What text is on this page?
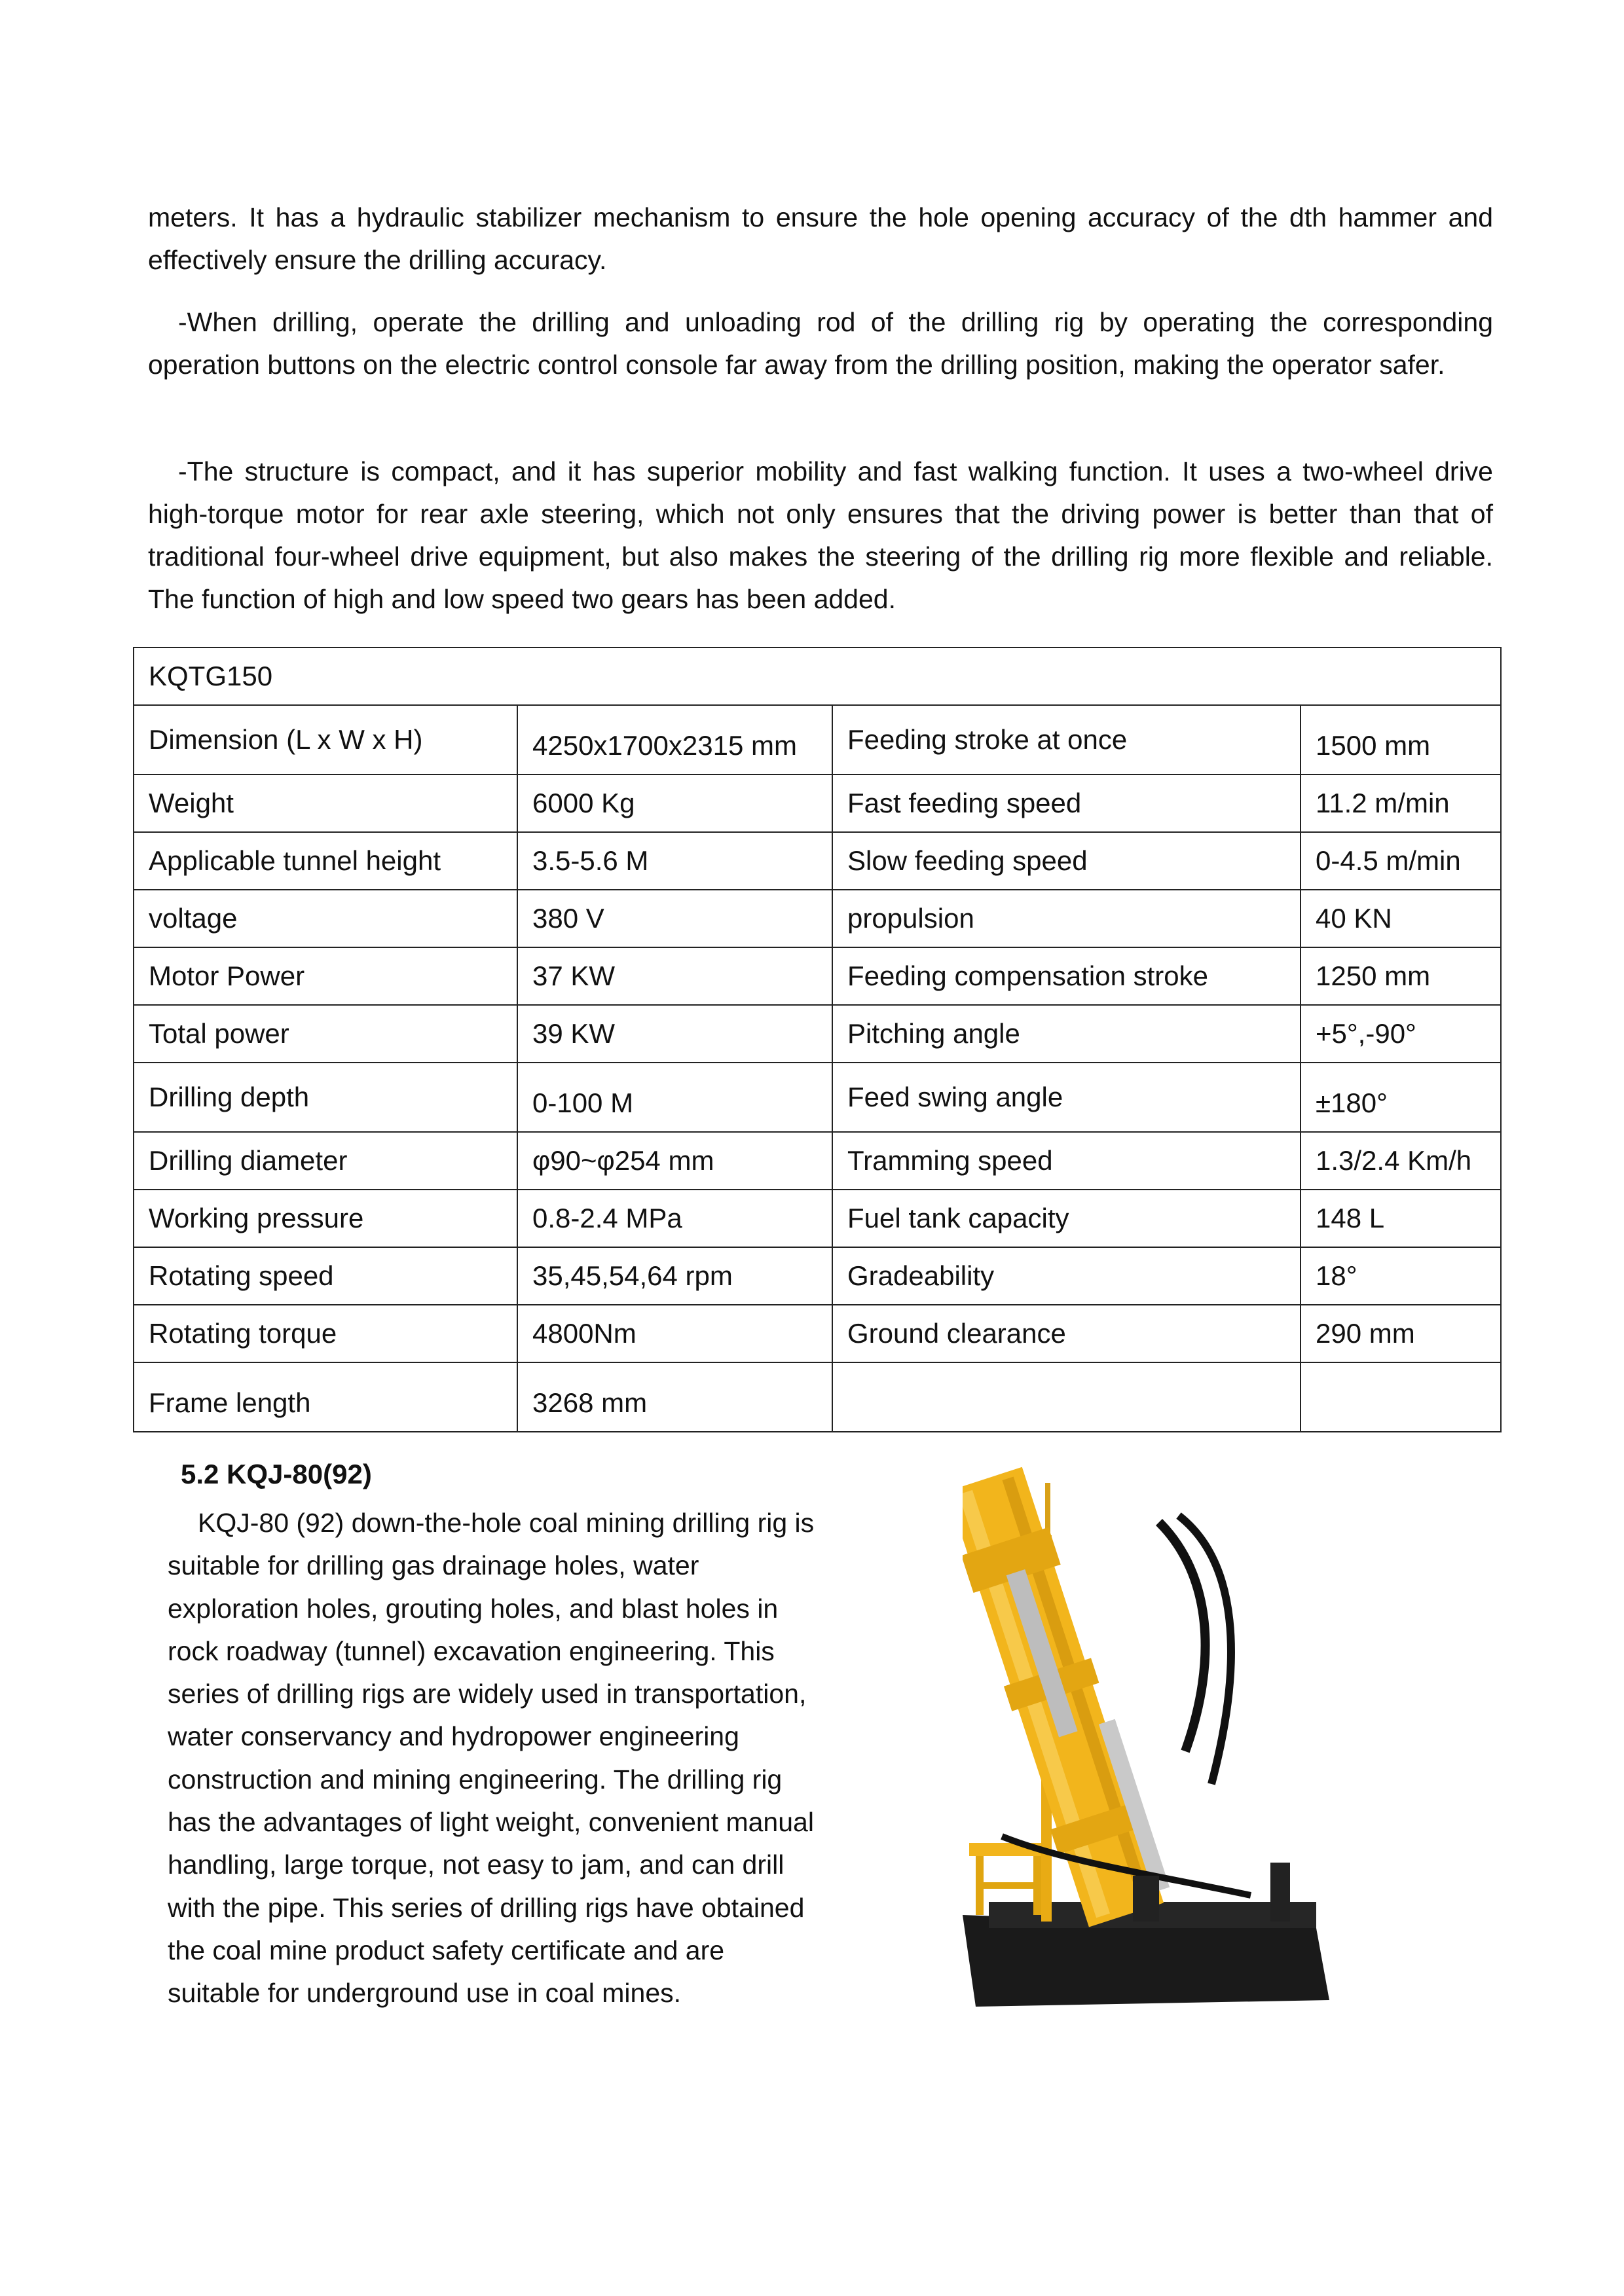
meters. It has a hydraulic stabilizer mechanism to ensure the hole opening accuracy of the dth hammer and effectively ensure the drilling accuracy.

-When drilling, operate the drilling and unloading rod of the drilling rig by operating the corresponding operation buttons on the electric control console far away from the drilling position, making the operator safer.

-The structure is compact, and it has superior mobility and fast walking function. It uses a two-wheel drive high-torque motor for rear axle steering, which not only ensures that the driving power is better than that of traditional four-wheel drive equipment, but also makes the steering of the drilling rig more flexible and reliable. The function of high and low speed two gears has been added.

KQTG150			
Dimension (L x W x H)	4250x1700x2315 mm	Feeding stroke at once	1500 mm
Weight	6000 Kg	Fast feeding speed	11.2 m/min
Applicable tunnel height	3.5-5.6 M	Slow feeding speed	0-4.5 m/min
voltage	380 V	propulsion	40 KN
Motor Power	37 KW	Feeding compensation stroke	1250 mm
Total power	39 KW	Pitching angle	+5°,-90°
Drilling depth	0-100 M	Feed swing angle	±180°
Drilling diameter	φ90~φ254 mm	Tramming speed	1.3/2.4 Km/h
Working pressure	0.8-2.4 MPa	Fuel tank capacity	148 L
Rotating speed	35,45,54,64 rpm	Gradeability	18°
Rotating torque	4800Nm	Ground clearance	290 mm
Frame length	3268 mm		
5.2 KQJ-80(92)

KQJ-80 (92) down-the-hole coal mining drilling rig is suitable for drilling gas drainage holes, water exploration holes, grouting holes, and blast holes in rock roadway (tunnel) excavation engineering. This series of drilling rigs are widely used in transportation, water conservancy and hydropower engineering construction and mining engineering. The drilling rig has the advantages of light weight, convenient manual handling, large torque, not easy to jam, and can drill with the pipe. This series of drilling rigs have obtained the coal mine product safety certificate and are suitable for underground use in coal mines.
